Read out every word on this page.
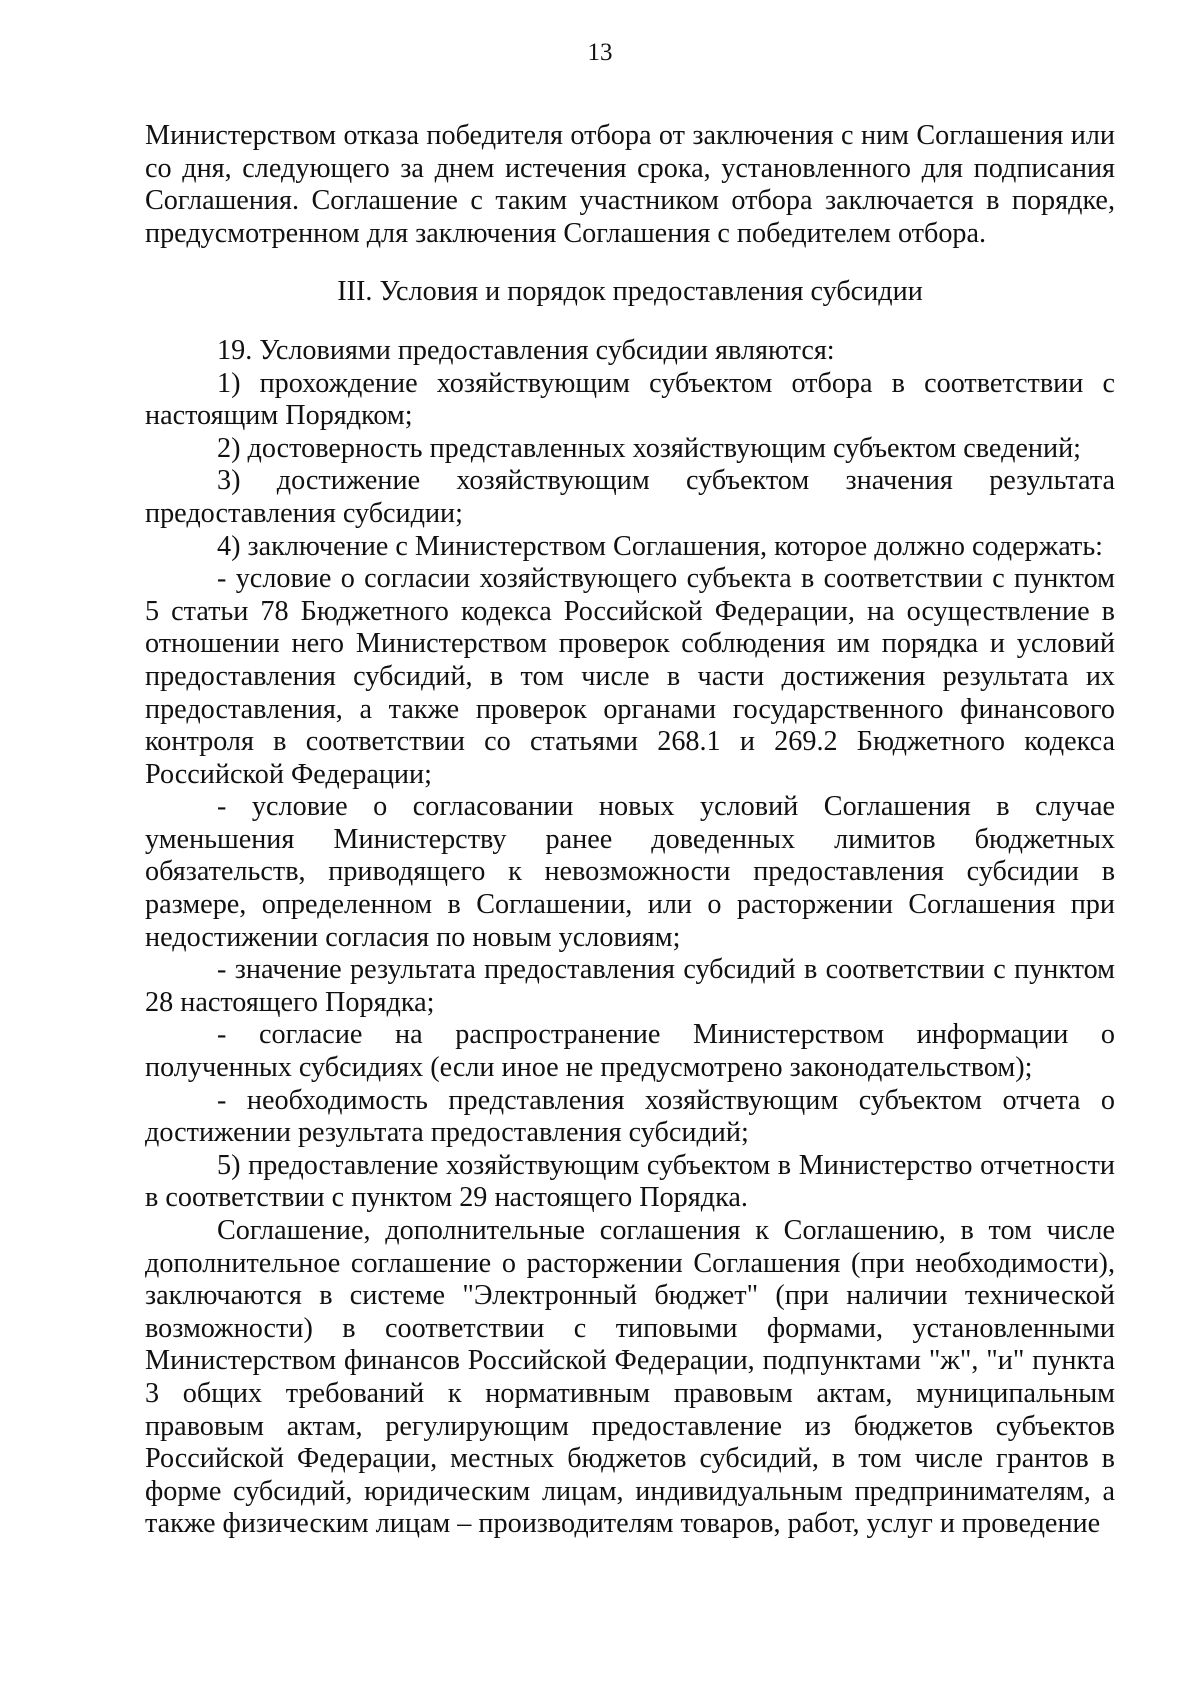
13

Министерством отказа победителя отбора от заключения с ним Соглашения или со дня, следующего за днем истечения срока, установленного для подписания Соглашения. Соглашение с таким участником отбора заключается в порядке, предусмотренном для заключения Соглашения с победителем отбора.

III. Условия и порядок предоставления субсидии

19. Условиями предоставления субсидии являются:

1) прохождение хозяйствующим субъектом отбора в соответствии с настоящим Порядком;

2) достоверность представленных хозяйствующим субъектом сведений;

3) достижение хозяйствующим субъектом значения результата предоставления субсидии;

4) заключение с Министерством Соглашения, которое должно содержать:

- условие о согласии хозяйствующего субъекта в соответствии с пунктом 5 статьи 78 Бюджетного кодекса Российской Федерации, на осуществление в отношении него Министерством проверок соблюдения им порядка и условий предоставления субсидий, в том числе в части достижения результата их предоставления, а также проверок органами государственного финансового контроля в соответствии со статьями 268.1 и 269.2 Бюджетного кодекса Российской Федерации;

- условие о согласовании новых условий Соглашения в случае уменьшения Министерству ранее доведенных лимитов бюджетных обязательств, приводящего к невозможности предоставления субсидии в размере, определенном в Соглашении, или о расторжении Соглашения при недостижении согласия по новым условиям;

- значение результата предоставления субсидий в соответствии с пунктом 28 настоящего Порядка;

- согласие на распространение Министерством информации о полученных субсидиях (если иное не предусмотрено законодательством);

- необходимость представления хозяйствующим субъектом отчета о достижении результата предоставления субсидий;

5) предоставление хозяйствующим субъектом в Министерство отчетности в соответствии с пунктом 29 настоящего Порядка.

Соглашение, дополнительные соглашения к Соглашению, в том числе дополнительное соглашение о расторжении Соглашения (при необходимости), заключаются в системе "Электронный бюджет" (при наличии технической возможности) в соответствии с типовыми формами, установленными Министерством финансов Российской Федерации, подпунктами "ж", "и" пункта 3 общих требований к нормативным правовым актам, муниципальным правовым актам, регулирующим предоставление из бюджетов субъектов Российской Федерации, местных бюджетов субсидий, в том числе грантов в форме субсидий, юридическим лицам, индивидуальным предпринимателям, а также физическим лицам – производителям товаров, работ, услуг и проведение
